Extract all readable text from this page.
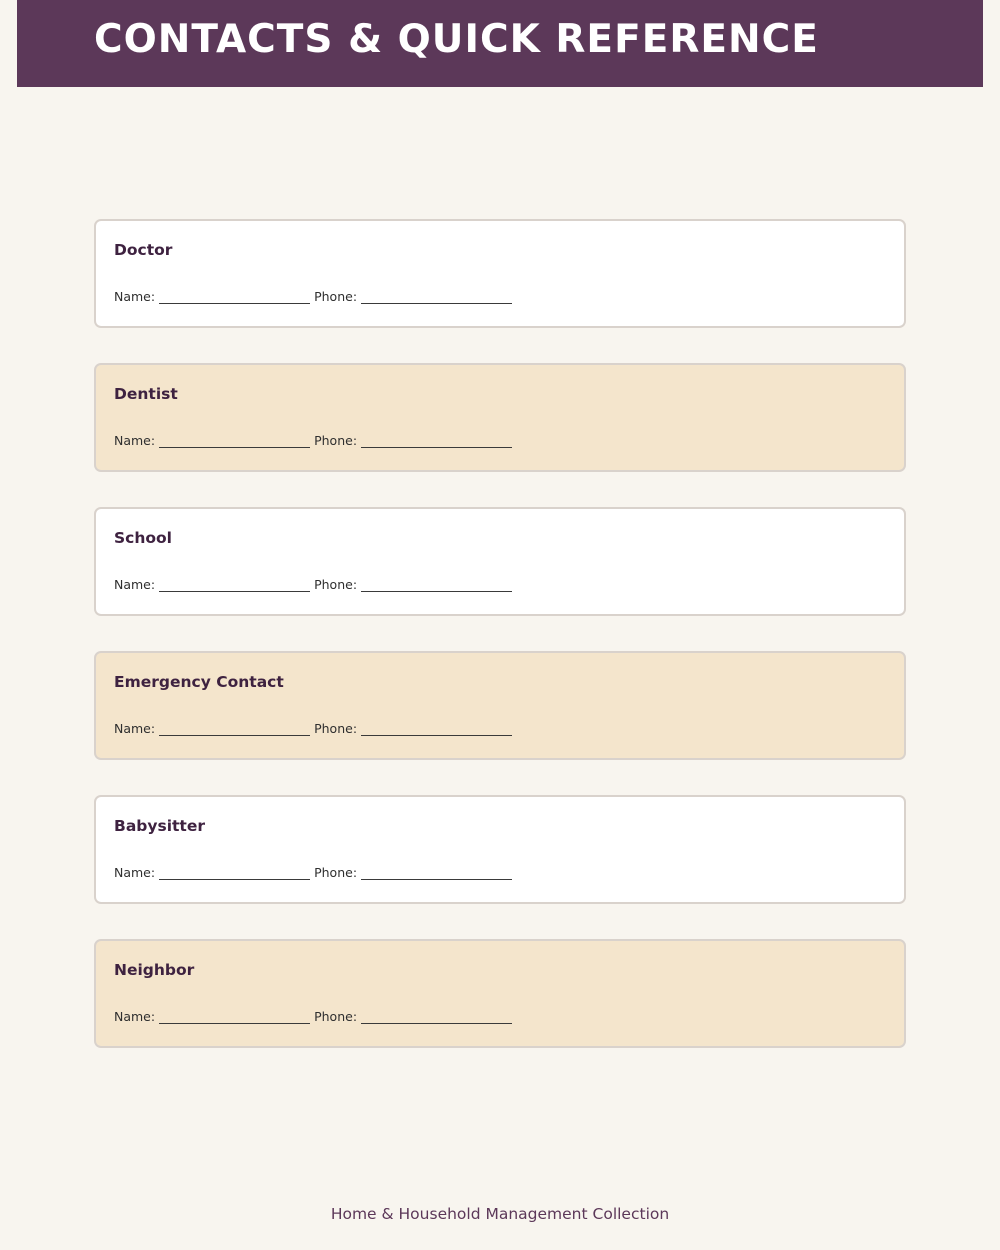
CONTACTS & QUICK REFERENCE
Doctor
Name:	Phone:
Dentist
Name:	Phone:
School
Name:	Phone:
Emergency Contact
Name:	Phone:
Babysitter
Name:	Phone:
Neighbor
Name:	Phone:
Home & Household Management Collection
